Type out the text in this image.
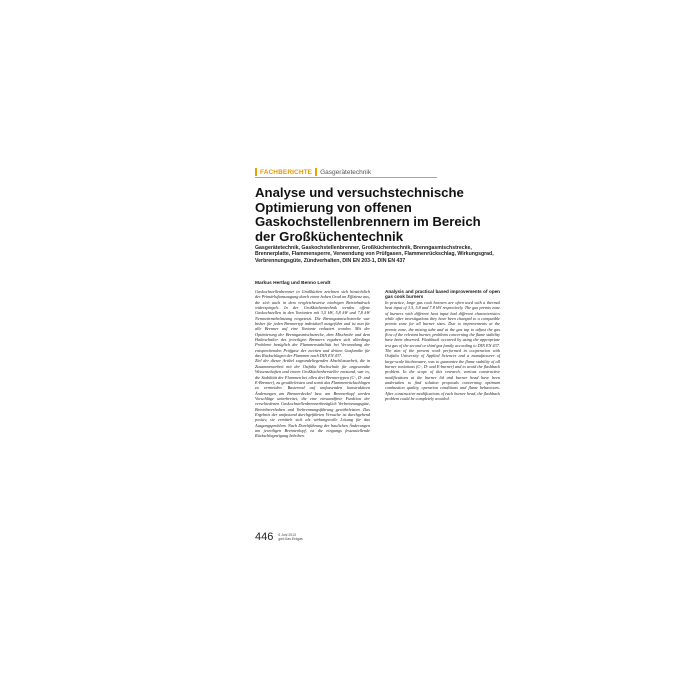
FACHBERICHTE Gasgerätetechnik
Analyse und versuchstechnische Optimierung von offenen Gaskochstellenbrennern im Bereich der Großküchentechnik
Gasgerätetechnik, Gaskochstellenbrenner, Großküchentechnik, Brenngasmischstrecke, Brennerplatte, Flammensperre, Verwendung von Prüfgasen, Flammenrückschlag, Wirkungsgrad, Verbrennungsgüte, Zündverhalten, DIN EN 203-1, DIN EN 437
Markus Hertlag und Benno Lendt

Gaskochstellenbrenner in Großküchen zeichnen sich hinsichtlich der Primärluftansaugung durch einen hohen Grad an Effizienz aus, die sich auch in dem vergleichsweise niedrigen Betriebsdruck widerspiegelt. In der Großküchentechnik werden offene Gaskochstellen in den Varianten mit 3,5 kW, 5,8 kW und 7,8 kW Nennwärmebelastung eingesetzt. Die Brenngasmischstrecke war bisher für jeden Brennertyp individuell ausgeführt und ist nun für alle Brenner auf eine Variante reduziert worden. Mit der Optimierung der Brenngasmischstrecke, dem Mischrohr und dem Halteschalter des jeweiligen Brenners ergaben sich allerdings Probleme bezüglich der Flammenstabilität bei Verwendung der entsprechenden Prüfgase der zweiten und dritten Gasfamilie für das Rückschlagen der Flammen nach DIN EN 437.

Ziel der dieser Artikel zugrundeliegenden Abschlussarbeit, die in Zusammenarbeit mit der Ostfalia Hochschule für angewandte Wissenschaften und einem Großküchenhersteller entstand, war es, die Stabilität der Flammen bei allen drei Brennertypen (C-, D- und E-Brenner), zu gewährleisten und somit das Flammenrückschlagen zu vermeiden. Basierend auf umfassenden konstruktiven Änderungen am Brennerdeckel bzw. am Brennerkopf werden Vorschläge unterbreitet, die eine einwandfreie Funktion der verschiedenen Gaskochstellenbrennerbezüglich Verbrennungsgüte, Betriebsverhalten und Verbrennungsführung gewährleisten. Das Ergebnis der umfassend durchgeführten Versuche ist durchgehend positiv, sie ermittelt sich als wirkungsvolle Lösung für das Ausgangsproblem. Nach Durchführung der baulichen Änderungen am jeweiligen Brennerkopf, ist die eingangs festzustellende Rückschlagneigung behoben.

Analysis and practical based improvements of open gas cook burners

In practice, large gas cook burners are often used with a thermal heat input of 3.5, 5.8 and 7.8 kW respectively. The gas premix zone of burners with different heat input had different characteristics while after investigations they have been changed to a compatible premix zone for all burner sizes. Due to improvements at the premix zone, the mixing tube and at the gas tap to adjust the gas flow of the relevant burner, problems concerning the flame stability have been observed. Flashback occurred by using the appropriate test gas of the second or third gas family according to DIN EN 437.

The aim of the present work performed in cooperation with Ostfalia University of Applied Sciences and a manufacturer of large-scale kitchenware, was to guarantee the flame stability of all burner variations (C-, D- and E-burner) and to avoid the flashback problem. In the scope of this research, various constructive modifications at the burner lid and burner head have been undertaken to find solution proposals concerning optimum combustion quality, operation conditions and flame behaviours. After constructive modifications of each burner head, the flashback problem could be completely avoided.

446 6 Juni 2013
gwf-Gas Erdgas
